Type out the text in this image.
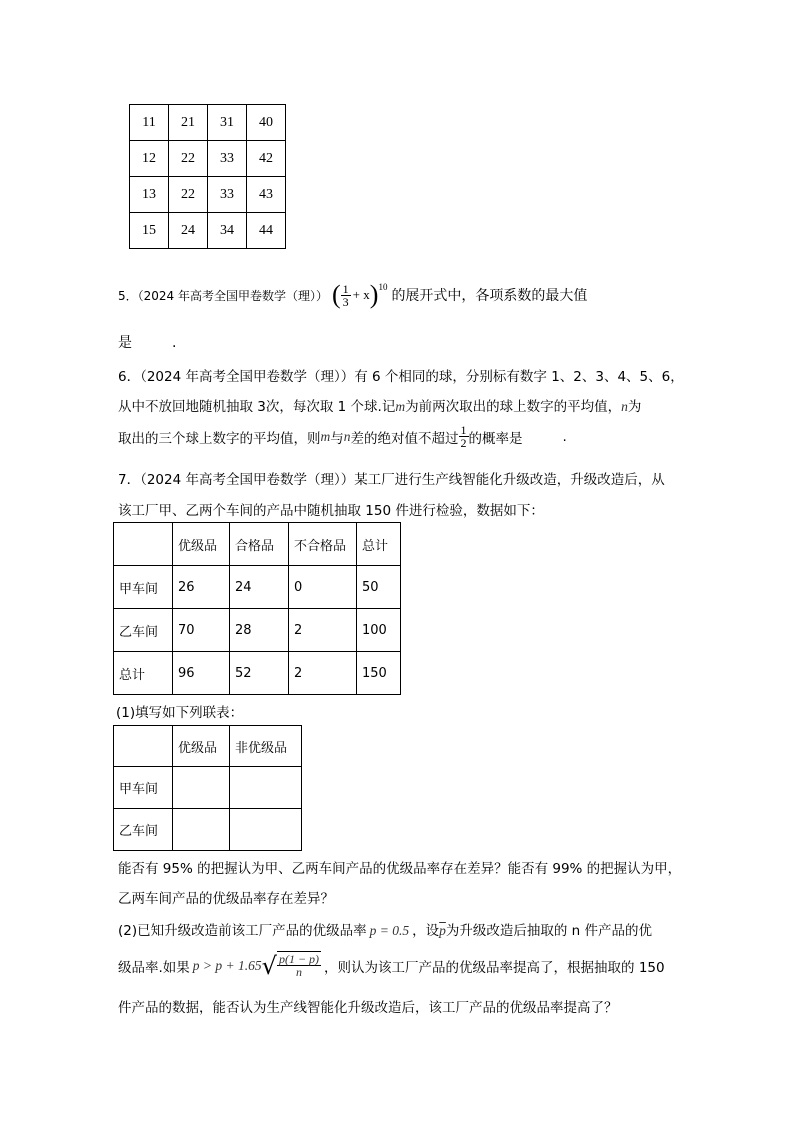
11	21	31	40
12	22	33	42
13	22	33	43
15	24	34	44
5．（2024 年高考全国甲卷数学（理）） ( $\frac{1}{3} + x$ )$^{10}$
的展开式中，各项系数的最大值
是	.
6．（2024 年高考全国甲卷数学（理））有 6 个相同的球，分别标有数字 1、2、3、4、5、6，
从中不放回地随机抽取 3次，每次取 1 个球.记m为前两次取出的球上数字的平均值，n为
取出的三个球上数字的平均值，则 m 与 n 差的绝对值不超过 $\frac{1}{2}$ 的概率是	.
7．（2024 年高考全国甲卷数学（理））某工厂进行生产线智能化升级改造，升级改造后，从
该工厂甲、乙两个车间的产品中随机抽取 150 件进行检验，数据如下：
	优级品	合格品	不合格品	总计
甲车间	26	24	0	50
乙车间	70	28	2	100
总计	96	52	2	150
(1)填写如下列联表：
	优级品	非优级品
甲车间		
乙车间		
能否有 95% 的把握认为甲、乙两车间产品的优级品率存在差异？能否有 99% 的把握认为甲，
乙两车间产品的优级品率存在差异？
(2)已知升级改造前该工厂产品的优级品率 p = 0.5 ，设$\overline{p}$为升级改造后抽取的 n 件产品的优
级品率.如果 p > p + 1.65 √ $\frac{p(1 - p)}{n}$ ，则认为该工厂产品的优级品率提高了，根据抽取的 150
件产品的数据，能否认为生产线智能化升级改造后，该工厂产品的优级品率提高了？
